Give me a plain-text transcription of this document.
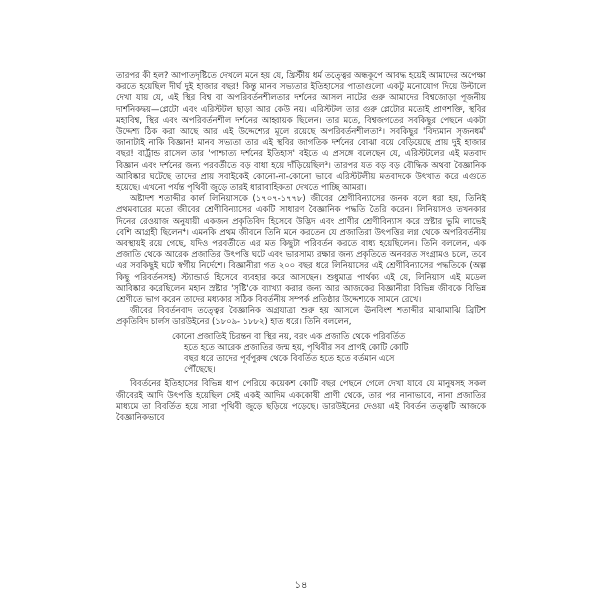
তারপর কী হল? আপাতদৃষ্টিতে দেখলে মনে হয় যে, খ্রিস্টীয় ধর্ম তত্ত্বের অন্ধকূপে আবদ্ধ হয়েই আমাদের অপেক্ষা করতে হয়েছিল দীর্ঘ দুই হাজার বছর! কিন্তু মানব সভ্যতার ইতিহাসের পাতাগুলো একটু মনোযোগ দিয়ে উল্টালে দেখা যায় যে, এই স্থির বিশ্ব বা অপরিবর্তনশীলতার দর্শনের আসল নাটের গুরু আমাদের বিশ্বজোড়া পূজনীয় দার্শনিকদ্বয়—প্লেটো এবং এরিস্টটল ছাড়া আর কেউ নয়। এরিস্টটল তার গুরু প্লেটোর মতোই প্রাণশক্তি, স্থবির মহাবিশ্ব, স্থির এবং অপরিবর্তনশীল দর্শনের আহ্বায়ক ছিলেন। তার মতে, বিশ্বজগতের সবকিছুর পেছনে একটা উদ্দেশ্য ঠিক করা আছে আর এই উদ্দেশ্যের মূলে রয়েছে অপরিবর্তনশীলতা²। সবকিছুর 'বিদ্যমান সৃজনধর্ম' জানাটাই নাকি বিজ্ঞান! মানব সভ্যতা তার এই স্থবির জাগতিক দর্শনের বোঝা বয়ে বেড়িয়েছে প্রায় দুই হাজার বছর! বার্ট্রান্ড রাসেল তার 'পাশ্চাত্য দর্শনের ইতিহাস' বইতে এ প্রসঙ্গে বলেছেন যে, এরিস্টটলের এই মতবাদ বিজ্ঞান এবং দর্শনের জন্য পরবর্তীতে বড় বাধা হয়ে দাঁড়িয়েছিল³। তারপর যত বড় বড় বৌদ্ধিক অথবা বৈজ্ঞানিক আবিষ্কার ঘটেছে তাদের প্রায় সবাইকেই কোনো-না-কোনো ভাবে এরিস্টটলীয় মতবাদকে উৎখাত করে এগুতে হয়েছে। এখনো পর্যন্ত পৃথিবী জুড়ে তারই ধারাবাহিকতা দেখতে পাচ্ছি আমরা।

অষ্টাদশ শতাব্দীর কার্ল লিনিয়াসকে (১৭০৭-১৭৭৮) জীবের শ্রেণীবিন্যাসের জনক বলে ধরা হয়, তিনিই প্রথমবারের মতো জীবের শ্রেণীবিন্যাসের একটি সাধারণ বৈজ্ঞানিক পদ্ধতি তৈরি করেন। লিনিয়াসও তখনকার দিনের রেওয়াজ অনুযায়ী একজন প্রকৃতিবিদ হিসেবে উদ্ভিদ এবং প্রাণীর শ্রেণীবিন্যাস করে স্রষ্টার ভুমি লাভেই বেশি আগ্রহী ছিলেন⁴। এমনকি প্রথম জীবনে তিনি মনে করতেন যে প্রজাতিরা উৎপত্তির লগ্ন থেকে অপরিবর্তনীয় অবস্থায়ই রয়ে গেছে, যদিও পরবর্তীতে এর মত কিছুটা পরিবর্তন করতে বাধ্য হয়েছিলেন। তিনি বললেন, এক প্রজাতি থেকে আরেক প্রজাতির উৎপত্তি ঘটে এবং ভারসাম্য রক্ষার জন্য প্রকৃতিতে অনবরত সংগ্রামও চলে, তবে এর সবকিছুই ঘটে স্বর্গীয় নির্দেশে। বিজ্ঞানীরা গত ২০০ বছর ধরে লিনিয়াসের এই শ্রেণীবিন্যাসের পদ্ধতিকে (অল্প কিছু পরিবর্তনসহ) স্ট্যান্ডার্ড হিসেবে ব্যবহার করে আসছেন। শুধুমাত্র পার্থক্য এই যে, লিনিয়াস এই মডেল আবিষ্কার করেছিলেন মহান স্রষ্টার 'সৃষ্টি'কে ব্যাখ্যা করার জন্য আর আজকের বিজ্ঞানীরা বিভিন্ন জীবকে বিভিন্ন শ্রেণীতে ভাগ করেন তাদের মধ্যকার সঠিক বিবর্তনীয় সম্পর্ক প্রতিষ্ঠার উদ্দেশ্যকে সামনে রেখে।

জীবের বিবর্তনবাদ তত্ত্বের বৈজ্ঞানিক অগ্রযাত্রা শুরু হয় আসলে ঊনবিংশ শতাব্দীর মাঝামাঝি ব্রিটিশ প্রকৃতিবিদ চার্লস ডারউইনের (১৮০৯- ১৮৮২) হাত ধরে। তিনি বললেন,

কোনো প্রজাতিই চিরন্তন বা স্থির নয়, বরং এক প্রজাতি থেকে পরিবর্তিত
হতে হতে আরেক প্রজাতির জন্ম হয়, পৃথিবীর সব প্রাণই কোটি কোটি
বছর ধরে তাদের পূর্বপুরুষ থেকে বিবর্তিত হতে হতে বর্তমান এসে
পৌঁছেছে।

বিবর্তনের ইতিহাসের বিভিন্ন ধাপ পেরিয়ে কয়েকশ কোটি বছর পেছনে গেলে দেখা যাবে যে মানুষসহ সকল জীবেরই আদি উৎপত্তি হয়েছিল সেই একই আদিম এককোষী প্রাণী থেকে, তার পর নানাভাবে, নানা প্রজাতির মাধ্যমে তা বিবর্তিত হয়ে সারা পৃথিবী জুড়ে ছড়িয়ে পড়েছে। ডারউইনের দেওয়া এই বিবর্তন তত্ত্বটি আজকে বৈজ্ঞানিকভাবে

১৪
